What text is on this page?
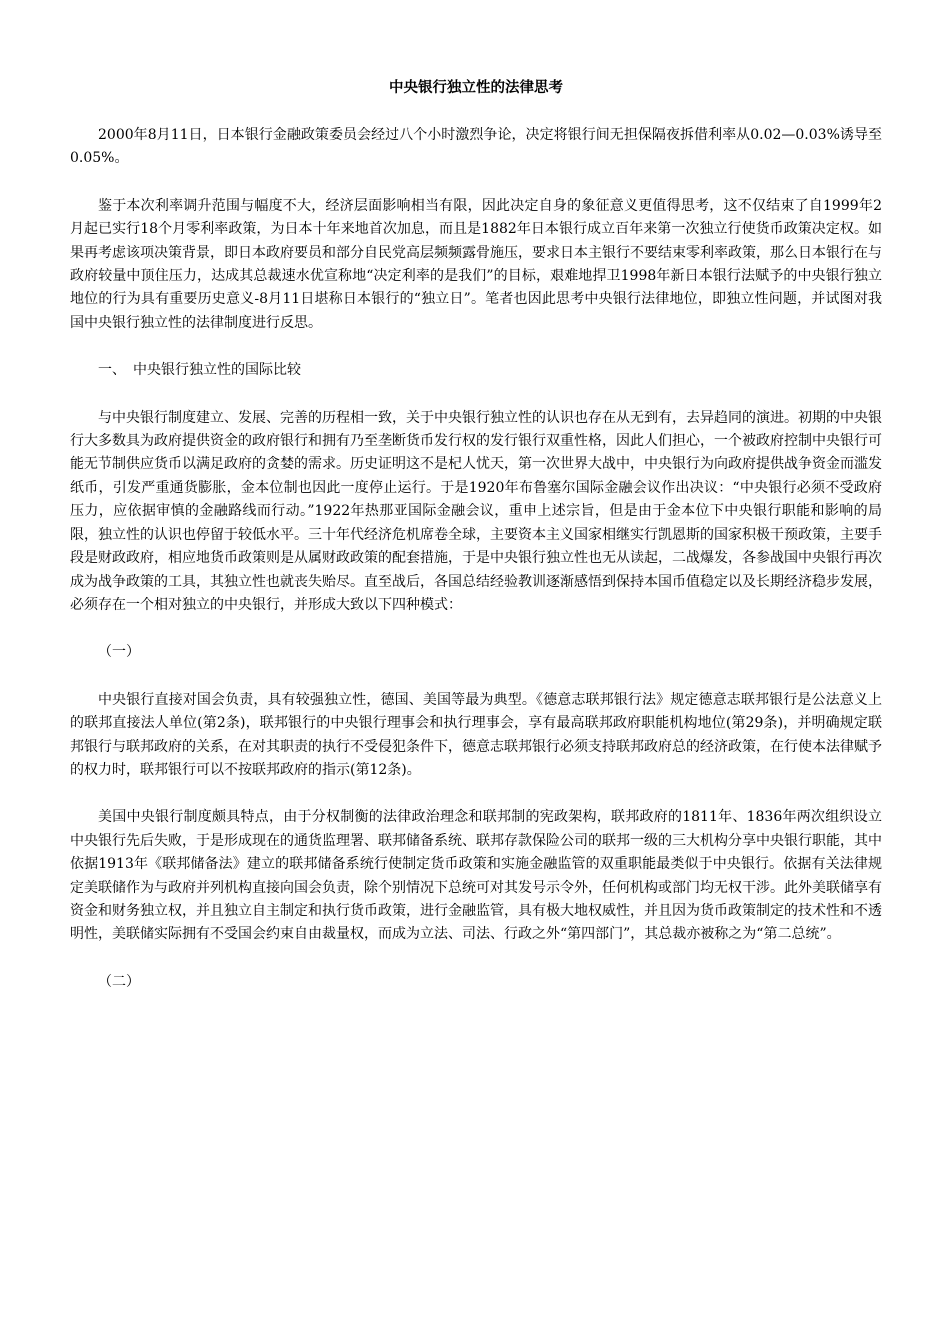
中央银行独立性的法律思考

2000年8月11日，日本银行金融政策委员会经过八个小时激烈争论，决定将银行间无担保隔夜拆借利率从0.02—0.03%诱导至0.05%。

鉴于本次利率调升范围与幅度不大，经济层面影响相当有限，因此决定自身的象征意义更值得思考，这不仅结束了自1999年2月起已实行18个月零利率政策，为日本十年来地首次加息，而且是1882年日本银行成立百年来第一次独立行使货币政策决定权。如果再考虑该项决策背景，即日本政府要员和部分自民党高层频频露骨施压，要求日本主银行不要结束零利率政策，那么日本银行在与政府较量中顶住压力，达成其总裁速水优宣称地“决定利率的是我们”的目标，艰难地捍卫1998年新日本银行法赋予的中央银行独立地位的行为具有重要历史意义-8月11日堪称日本银行的“独立日”。笔者也因此思考中央银行法律地位，即独立性问题，并试图对我国中央银行独立性的法律制度进行反思。

一、　中央银行独立性的国际比较

与中央银行制度建立、发展、完善的历程相一致，关于中央银行独立性的认识也存在从无到有，去异趋同的演进。初期的中央银行大多数具为政府提供资金的政府银行和拥有乃至垄断货币发行权的发行银行双重性格，因此人们担心，一个被政府控制中央银行可能无节制供应货币以满足政府的贪婪的需求。历史证明这不是杞人忧天，第一次世界大战中，中央银行为向政府提供战争资金而滥发纸币，引发严重通货膨胀，金本位制也因此一度停止运行。于是1920年布鲁塞尔国际金融会议作出决议：“中央银行必须不受政府压力，应依据审慎的金融路线而行动。”1922年热那亚国际金融会议，重申上述宗旨，但是由于金本位下中央银行职能和影响的局限，独立性的认识也停留于较低水平。三十年代经济危机席卷全球，主要资本主义国家相继实行凯恩斯的国家积极干预政策，主要手段是财政政府，相应地货币政策则是从属财政政策的配套措施，于是中央银行独立性也无从读起，二战爆发，各参战国中央银行再次成为战争政策的工具，其独立性也就丧失贻尽。直至战后，各国总结经验教训逐渐感悟到保持本国币值稳定以及长期经济稳步发展，必须存在一个相对独立的中央银行，并形成大致以下四种模式：

（一）

中央银行直接对国会负责，具有较强独立性，德国、美国等最为典型。《德意志联邦银行法》规定德意志联邦银行是公法意义上的联邦直接法人单位(第2条)，联邦银行的中央银行理事会和执行理事会，享有最高联邦政府职能机构地位(第29条)，并明确规定联邦银行与联邦政府的关系，在对其职责的执行不受侵犯条件下，德意志联邦银行必须支持联邦政府总的经济政策，在行使本法律赋予的权力时，联邦银行可以不按联邦政府的指示(第12条)。

美国中央银行制度颇具特点，由于分权制衡的法律政治理念和联邦制的宪政架构，联邦政府的1811年、1836年两次组织设立中央银行先后失败，于是形成现在的通货监理署、联邦储备系统、联邦存款保险公司的联邦一级的三大机构分享中央银行职能，其中依据1913年《联邦储备法》建立的联邦储备系统行使制定货币政策和实施金融监管的双重职能最类似于中央银行。依据有关法律规定美联储作为与政府并列机构直接向国会负责，除个别情况下总统可对其发号示令外，任何机构或部门均无权干涉。此外美联储享有资金和财务独立权，并且独立自主制定和执行货币政策，进行金融监管，具有极大地权威性，并且因为货币政策制定的技术性和不透明性，美联储实际拥有不受国会约束自由裁量权，而成为立法、司法、行政之外“第四部门”，其总裁亦被称之为“第二总统”。

（二）
